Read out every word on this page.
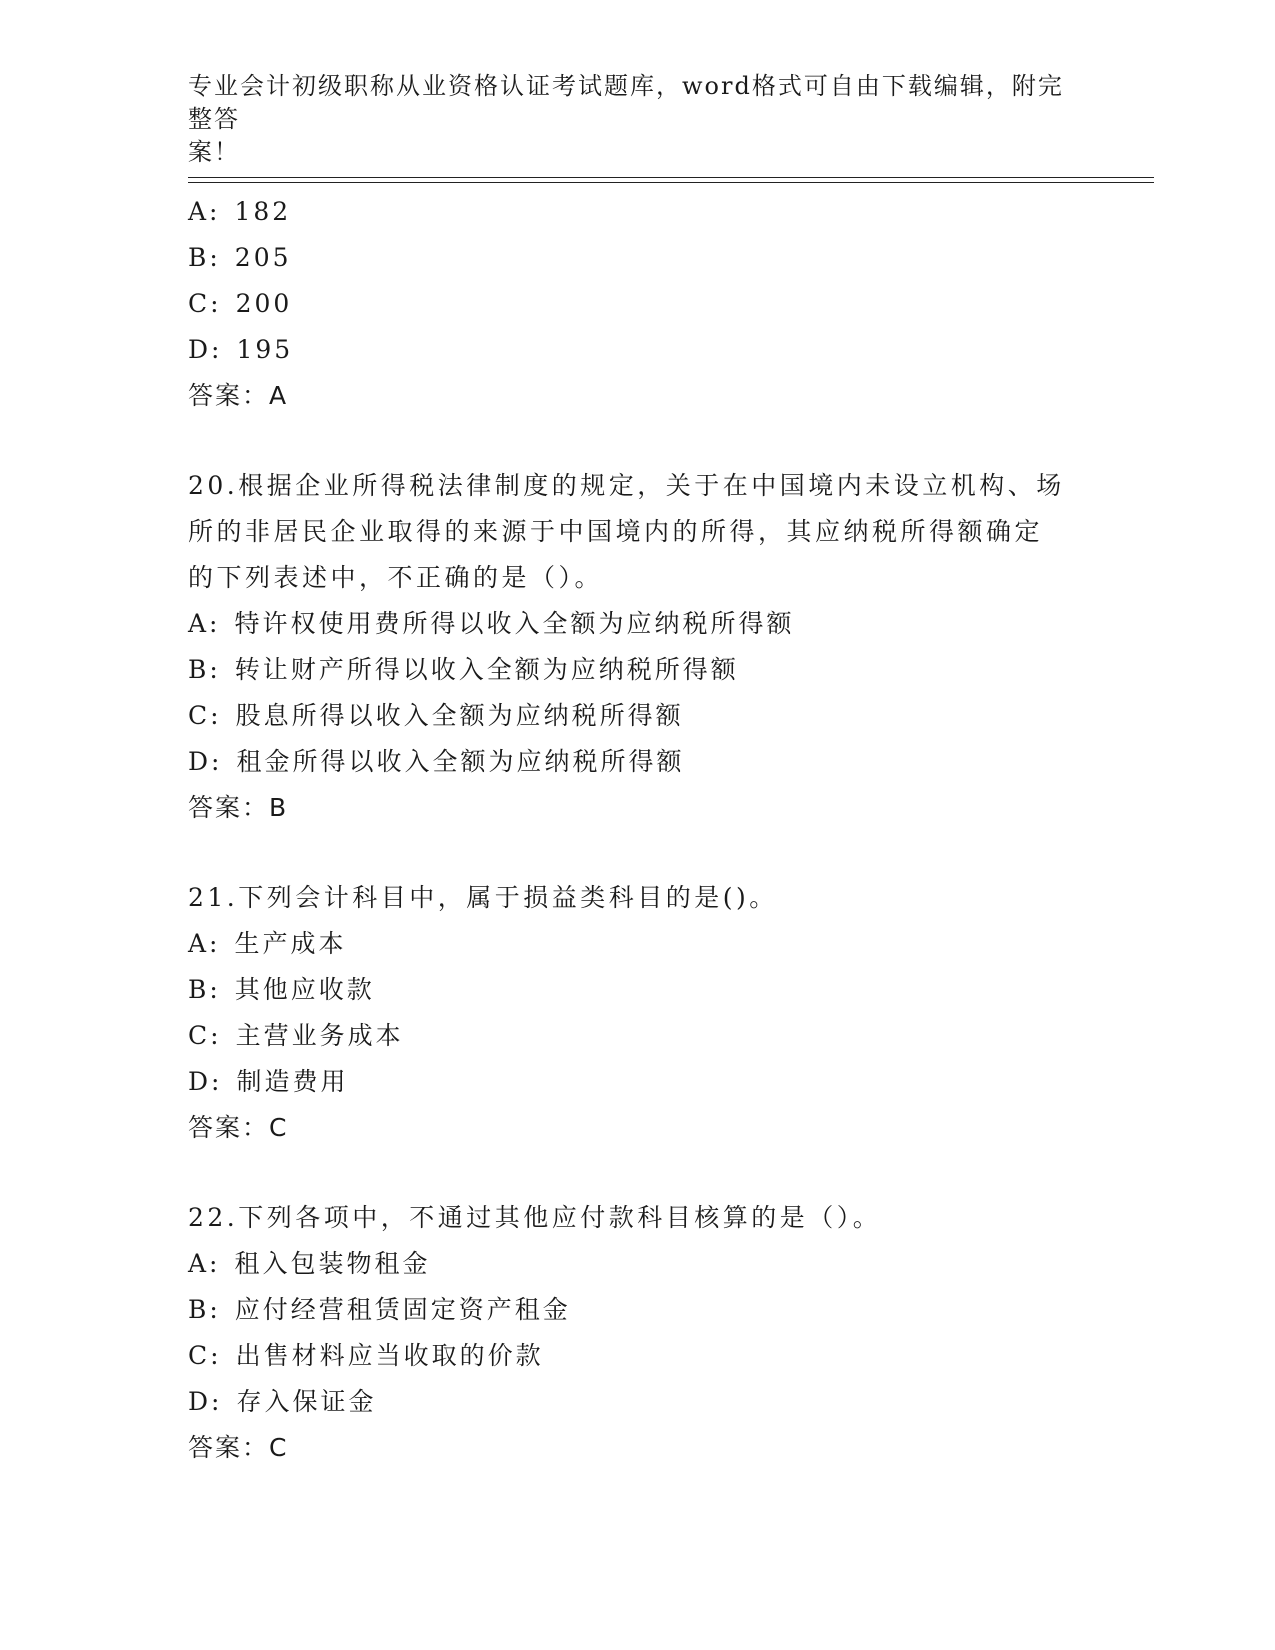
专业会计初级职称从业资格认证考试题库，word格式可自由下载编辑，附完整答
案！
A: 182
B: 205
C: 200
D: 195
答案：A
20.根据企业所得税法律制度的规定，关于在中国境内未设立机构、场
所的非居民企业取得的来源于中国境内的所得，其应纳税所得额确定
的下列表述中，不正确的是（）。
A: 特许权使用费所得以收入全额为应纳税所得额
B: 转让财产所得以收入全额为应纳税所得额
C: 股息所得以收入全额为应纳税所得额
D: 租金所得以收入全额为应纳税所得额
答案：B
21.下列会计科目中，属于损益类科目的是()。
A: 生产成本
B: 其他应收款
C: 主营业务成本
D: 制造费用
答案：C
22.下列各项中，不通过其他应付款科目核算的是（）。
A: 租入包装物租金
B: 应付经营租赁固定资产租金
C: 出售材料应当收取的价款
D: 存入保证金
答案：C
